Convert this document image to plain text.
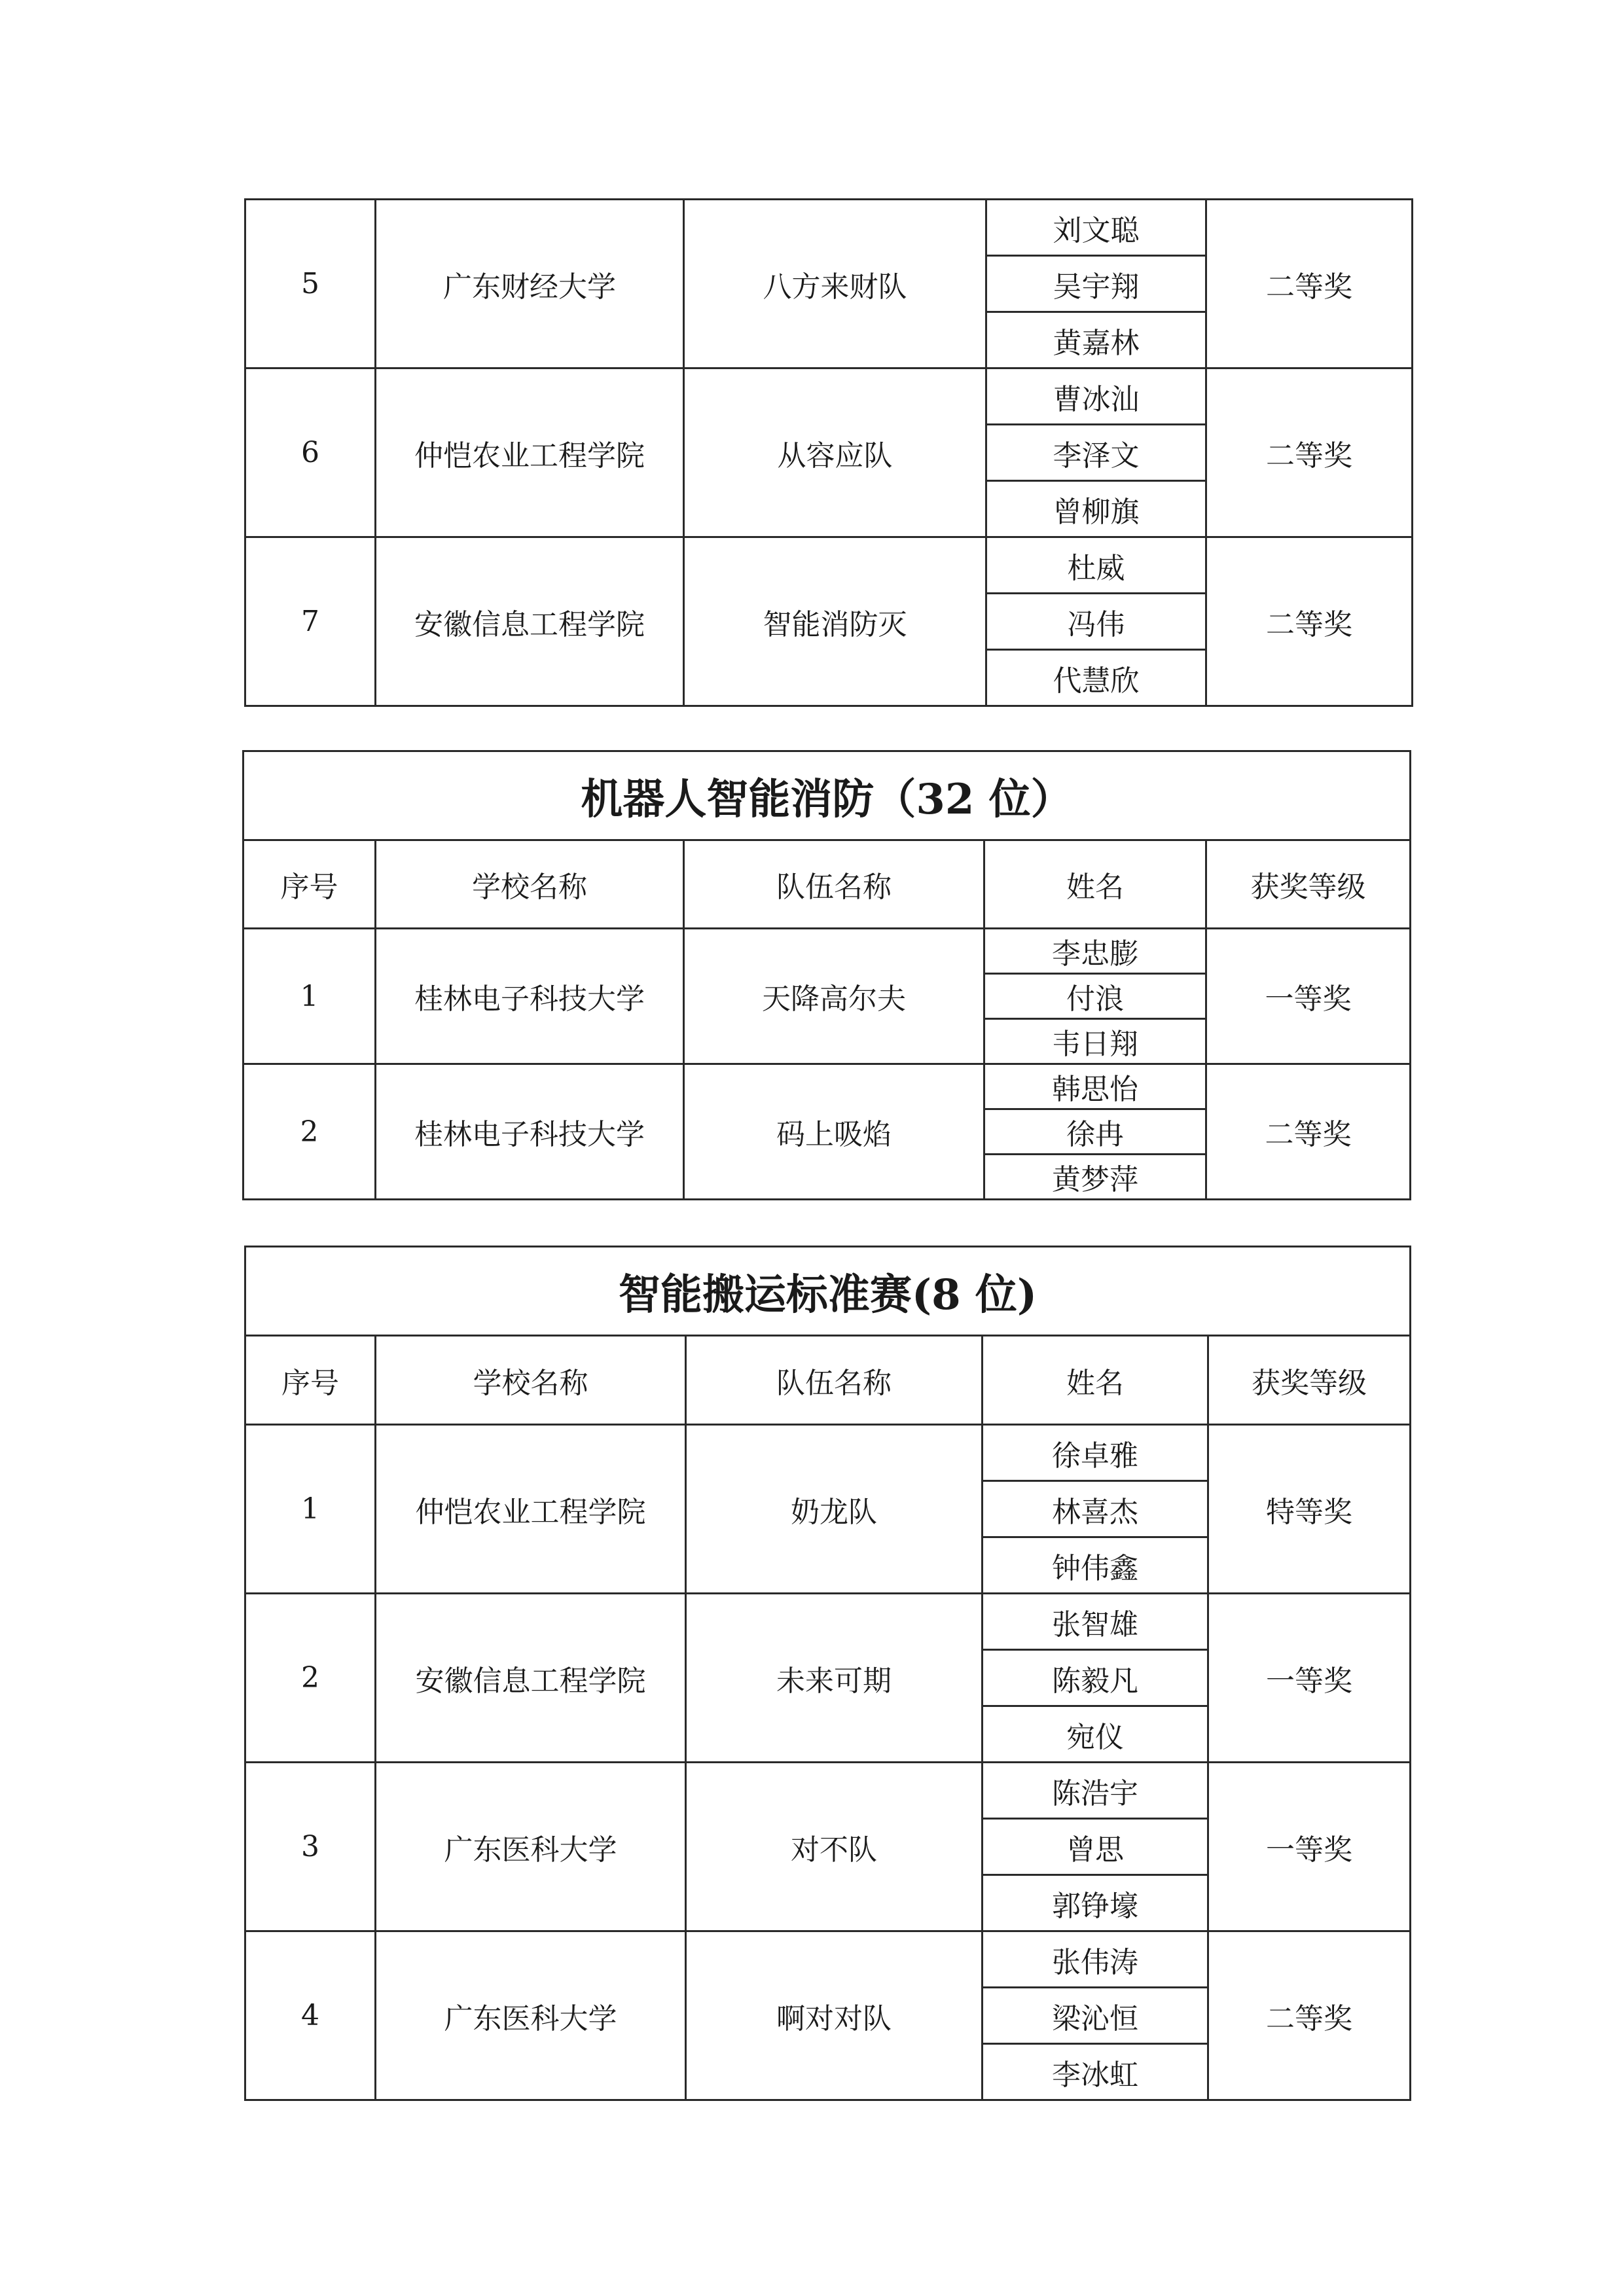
5	广东财经大学	八方来财队	刘文聪	二等奖
			吴宇翔	
			黄嘉林	
6	仲恺农业工程学院	从容应队	曹冰汕	二等奖
			李泽文	
			曾柳旗	
7	安徽信息工程学院	智能消防灭	杜威	二等奖
			冯伟	
			代慧欣	
机器人智能消防（32 位）				
序号	学校名称	队伍名称	姓名	获奖等级
1	桂林电子科技大学	天降高尔夫	李忠膨	一等奖
			付浪	
			韦日翔	
2	桂林电子科技大学	码上吸焰	韩思怡	二等奖
			徐冉	
			黄梦萍	
智能搬运标准赛(8 位)				
序号	学校名称	队伍名称	姓名	获奖等级
1	仲恺农业工程学院	奶龙队	徐卓雅	特等奖
			林喜杰	
			钟伟鑫	
2	安徽信息工程学院	未来可期	张智雄	一等奖
			陈毅凡	
			宛仪	
3	广东医科大学	对不队	陈浩宇	一等奖
			曾思	
			郭铮壕	
4	广东医科大学	啊对对队	张伟涛	二等奖
			梁沁恒	
			李冰虹	
